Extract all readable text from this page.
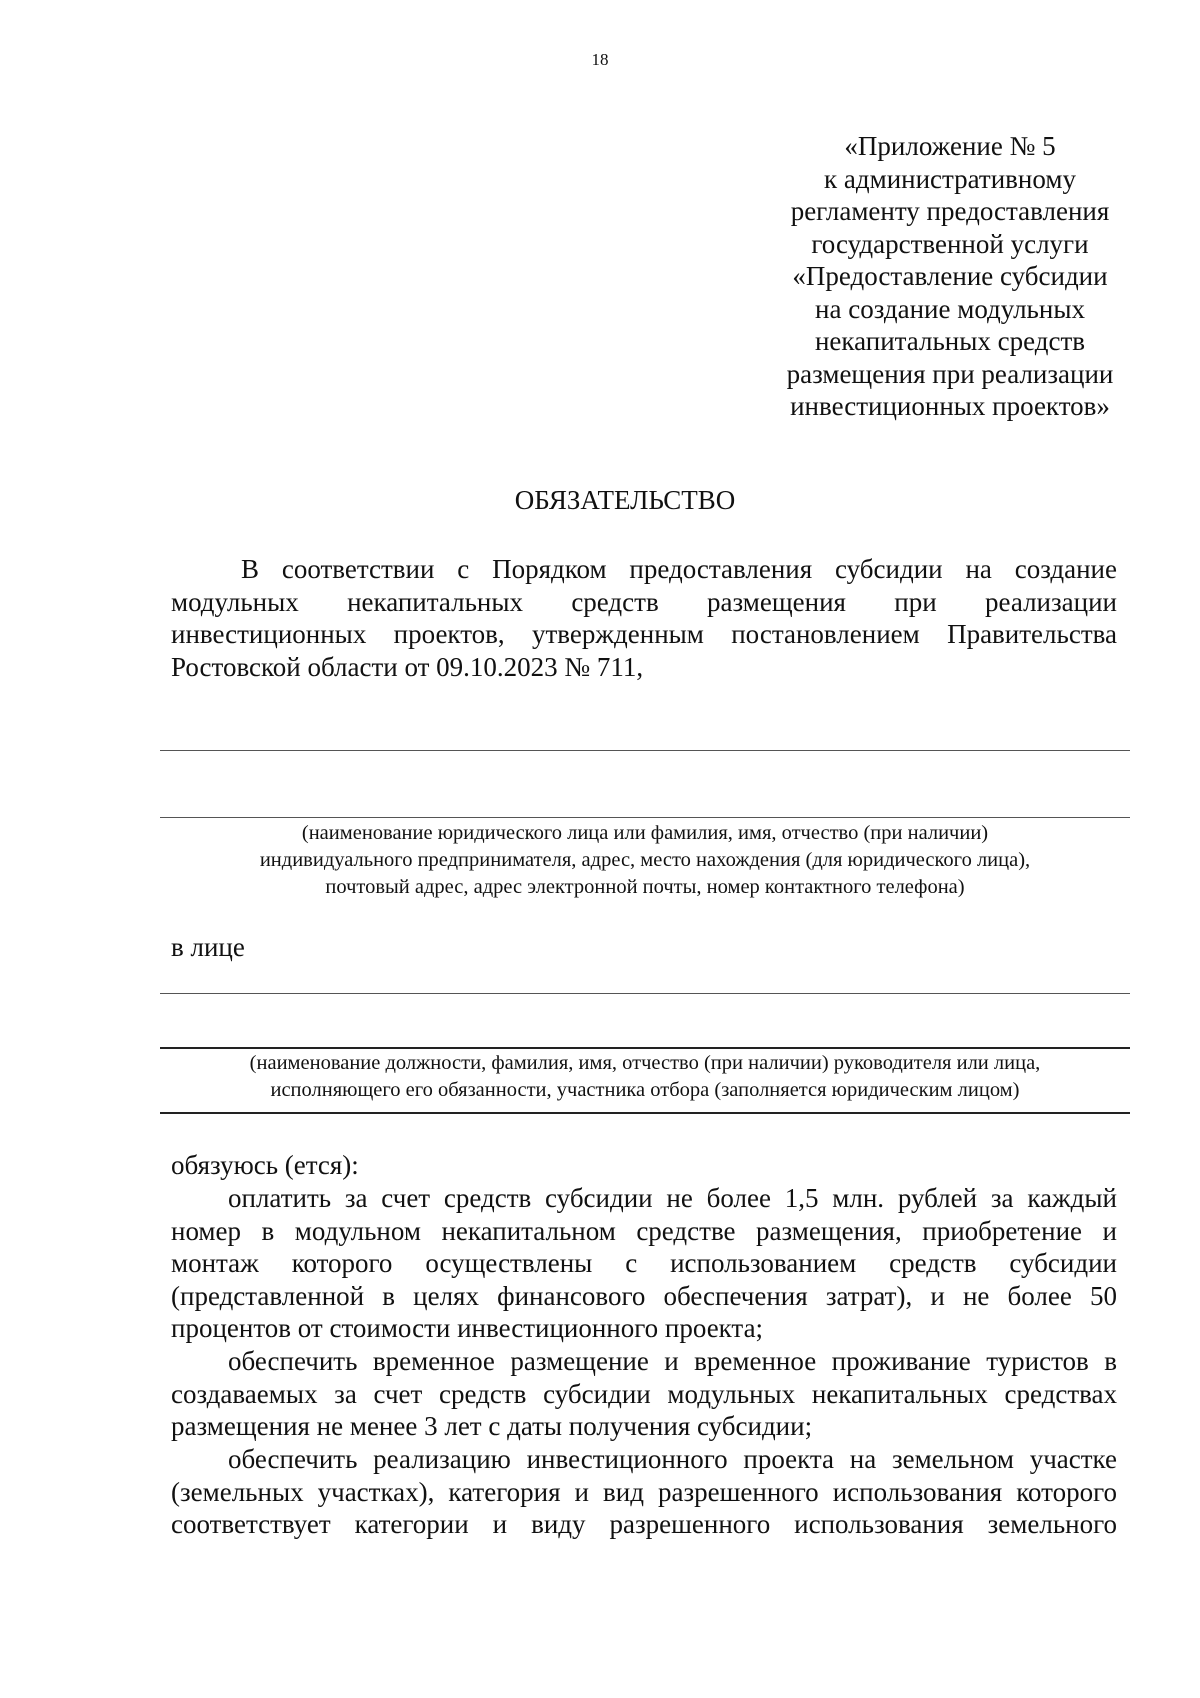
18
«Приложение № 5
к административному
регламенту предоставления
государственной услуги
«Предоставление субсидии
на создание модульных
некапитальных средств
размещения при реализации
инвестиционных проектов»
ОБЯЗАТЕЛЬСТВО
В соответствии с Порядком предоставления субсидии на создание
модульных некапитальных средств размещения при реализации
инвестиционных проектов, утвержденным постановлением Правительства
Ростовской области от 09.10.2023 № 711,
(наименование юридического лица или фамилия, имя, отчество (при наличии)
индивидуального предпринимателя, адрес, место нахождения (для юридического лица),
почтовый адрес, адрес электронной почты, номер контактного телефона)
в лице
(наименование должности, фамилия, имя, отчество (при наличии) руководителя или лица,
исполняющего его обязанности, участника отбора (заполняется юридическим лицом)
обязуюсь (ется):
оплатить за счет средств субсидии не более 1,5 млн. рублей за каждый
номер в модульном некапитальном средстве размещения, приобретение и
монтаж которого осуществлены с использованием средств субсидии
(представленной в целях финансового обеспечения затрат), и не более 50
процентов от стоимости инвестиционного проекта;
обеспечить временное размещение и временное проживание туристов в
создаваемых за счет средств субсидии модульных некапитальных средствах
размещения не менее 3 лет с даты получения субсидии;
обеспечить реализацию инвестиционного проекта на земельном участке
(земельных участках), категория и вид разрешенного использования которого
соответствует категории и виду разрешенного использования земельного
